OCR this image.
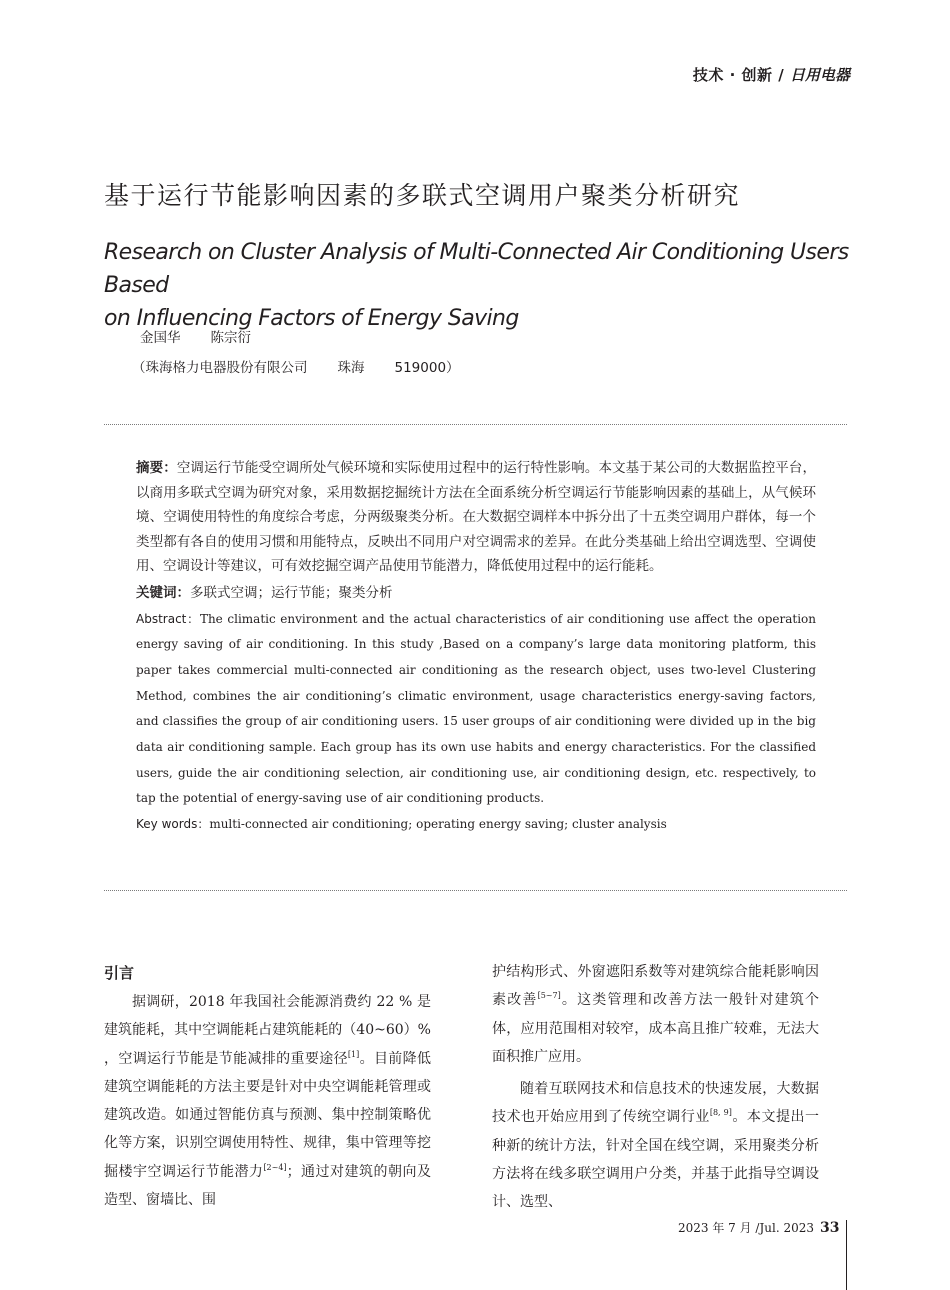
技术 · 创新 / 日用电器
基于运行节能影响因素的多联式空调用户聚类分析研究
Research on Cluster Analysis of Multi-Connected Air Conditioning Users Based
on Influencing Factors of Energy Saving
金国华 陈宗衍
（珠海格力电器股份有限公司 珠海 519000）

摘要：空调运行节能受空调所处气候环境和实际使用过程中的运行特性影响。本文基于某公司的大数据监控平台，以商用多联式空调为研究对象，采用数据挖掘统计方法在全面系统分析空调运行节能影响因素的基础上，从气候环境、空调使用特性的角度综合考虑，分两级聚类分析。在大数据空调样本中拆分出了十五类空调用户群体，每一个类型都有各自的使用习惯和用能特点，反映出不同用户对空调需求的差异。在此分类基础上给出空调选型、空调使用、空调设计等建议，可有效挖掘空调产品使用节能潜力，降低使用过程中的运行能耗。

关键词：多联式空调；运行节能；聚类分析

Abstract：The climatic environment and the actual characteristics of air conditioning use affect the operation energy saving of air conditioning. In this study ,Based on a company’s large data monitoring platform, this paper takes commercial multi-connected air conditioning as the research object, uses two-level Clustering Method, combines the air conditioning’s climatic environment, usage characteristics energy-saving factors, and classifies the group of air conditioning users. 15 user groups of air conditioning were divided up in the big data air conditioning sample. Each group has its own use habits and energy characteristics. For the classified users, guide the air conditioning selection, air conditioning use, air conditioning design, etc. respectively, to tap the potential of energy-saving use of air conditioning products.

Key words：multi-connected air conditioning; operating energy saving; cluster analysis

引言

据调研，2018 年我国社会能源消费约 22 % 是建筑能耗，其中空调能耗占建筑能耗的（40~60）% ，空调运行节能是节能减排的重要途径[1]。目前降低建筑空调能耗的方法主要是针对中央空调能耗管理或建筑改造。如通过智能仿真与预测、集中控制策略优化等方案，识别空调使用特性、规律，集中管理等挖掘楼宇空调运行节能潜力[2~4]；通过对建筑的朝向及造型、窗墙比、围

护结构形式、外窗遮阳系数等对建筑综合能耗影响因素改善[5~7]。这类管理和改善方法一般针对建筑个体，应用范围相对较窄，成本高且推广较难，无法大面积推广应用。

随着互联网技术和信息技术的快速发展，大数据技术也开始应用到了传统空调行业[8, 9]。本文提出一种新的统计方法，针对全国在线空调，采用聚类分析方法将在线多联空调用户分类，并基于此指导空调设计、选型、

2023 年 7 月 /Jul. 2023 33
